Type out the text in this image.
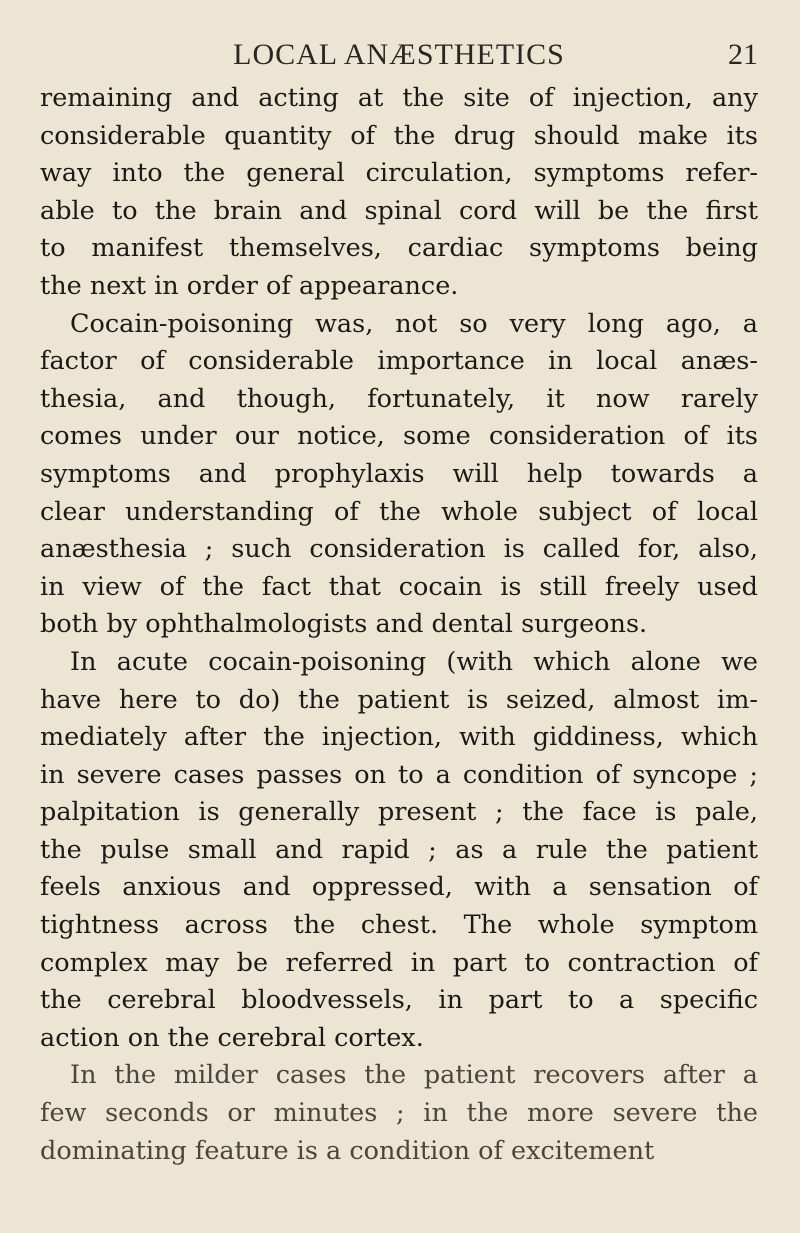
LOCAL ANÆSTHETICS	21
remaining and acting at the site of injection, any
considerable quantity of the drug should make its
way into the general circulation, symptoms refer-
able to the brain and spinal cord will be the first
to manifest themselves, cardiac symptoms being
the next in order of appearance.
Cocain-poisoning was, not so very long ago, a
factor of considerable importance in local anæs-
thesia, and though, fortunately, it now rarely
comes under our notice, some consideration of its
symptoms and prophylaxis will help towards a
clear understanding of the whole subject of local
anæsthesia ; such consideration is called for, also,
in view of the fact that cocain is still freely used
both by ophthalmologists and dental surgeons.
In acute cocain-poisoning (with which alone we
have here to do) the patient is seized, almost im-
mediately after the injection, with giddiness, which
in severe cases passes on to a condition of syncope ;
palpitation is generally present ; the face is pale,
the pulse small and rapid ; as a rule the patient
feels anxious and oppressed, with a sensation of
tightness across the chest. The whole symptom
complex may be referred in part to contraction of
the cerebral bloodvessels, in part to a specific
action on the cerebral cortex.
In the milder cases the patient recovers after a
few seconds or minutes ; in the more severe the
dominating feature is a condition of excitement
